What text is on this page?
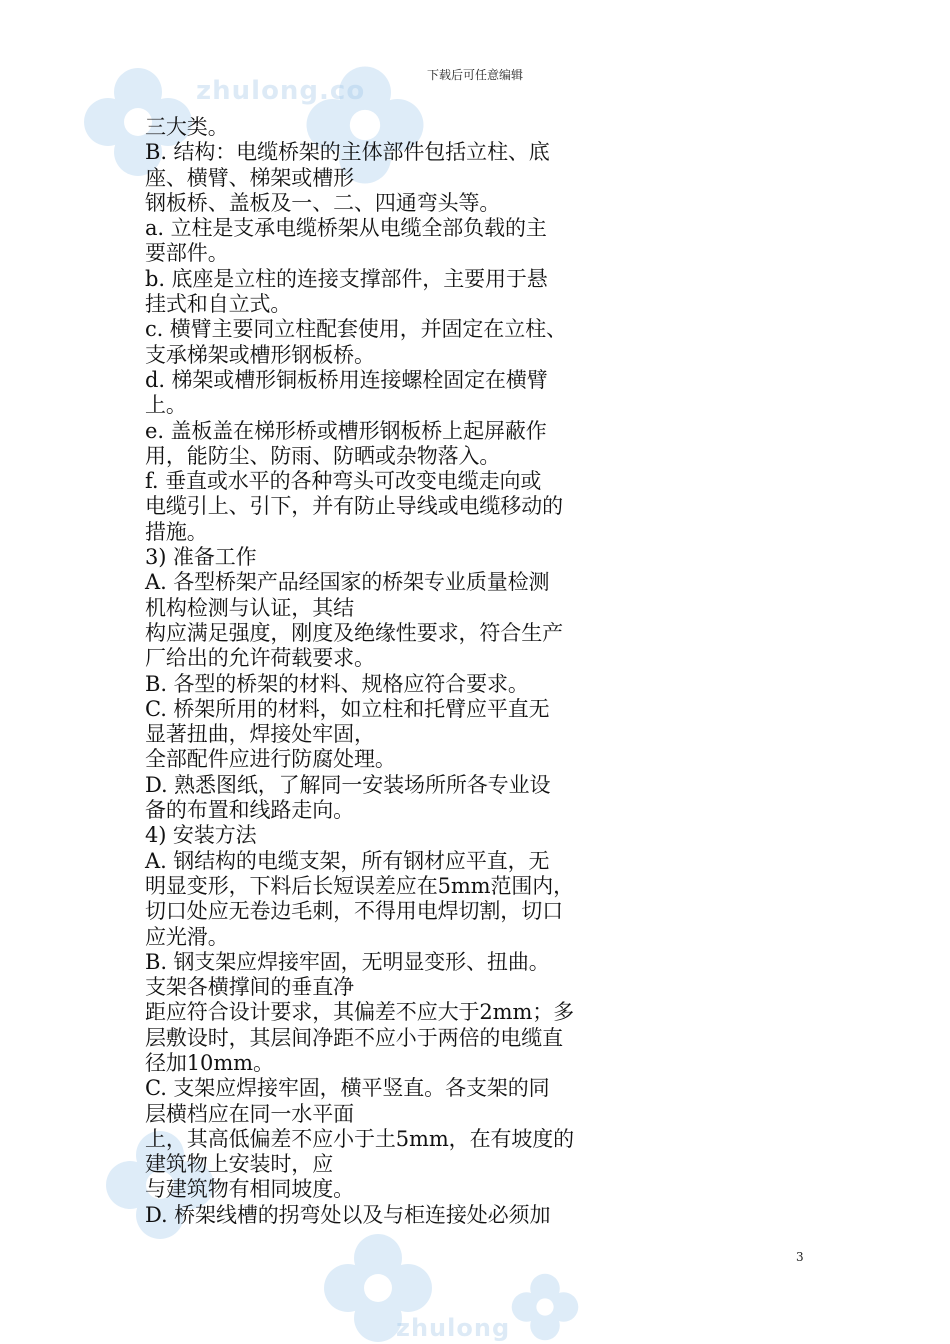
zhulong.co
zhulong
下载后可任意编辑
三大类。
B. 结构：电缆桥架的主体部件包括立柱、底
座、横臂、梯架或槽形
钢板桥、盖板及一、二、四通弯头等。
a. 立柱是支承电缆桥架从电缆全部负载的主
要部件。
b. 底座是立柱的连接支撑部件，主要用于悬
挂式和自立式。
c. 横臂主要同立柱配套使用，并固定在立柱、
支承梯架或槽形钢板桥。
d. 梯架或槽形铜板桥用连接螺栓固定在横臂
上。
e. 盖板盖在梯形桥或槽形钢板桥上起屏蔽作
用，能防尘、防雨、防晒或杂物落入。
f. 垂直或水平的各种弯头可改变电缆走向或
电缆引上、引下，并有防止导线或电缆移动的
措施。
3) 准备工作
A. 各型桥架产品经国家的桥架专业质量检测
机构检测与认证，其结
构应满足强度，刚度及绝缘性要求，符合生产
厂给出的允许荷载要求。
B. 各型的桥架的材料、规格应符合要求。
C. 桥架所用的材料，如立柱和托臂应平直无
显著扭曲，焊接处牢固，
全部配件应进行防腐处理。
D. 熟悉图纸，了解同一安装场所所各专业设
备的布置和线路走向。
4) 安装方法
A. 钢结构的电缆支架，所有钢材应平直，无
明显变形，下料后长短误差应在5mm范围内，
切口处应无卷边毛刺，不得用电焊切割，切口
应光滑。
B. 钢支架应焊接牢固，无明显变形、扭曲。
支架各横撑间的垂直净
距应符合设计要求，其偏差不应大于2mm；多
层敷设时，其层间净距不应小于两倍的电缆直
径加10mm。
C. 支架应焊接牢固，横平竖直。各支架的同
层横档应在同一水平面
上，其高低偏差不应小于土5mm，在有坡度的
建筑物上安装时，应
与建筑物有相同坡度。
D. 桥架线槽的拐弯处以及与柜连接处必须加
3
